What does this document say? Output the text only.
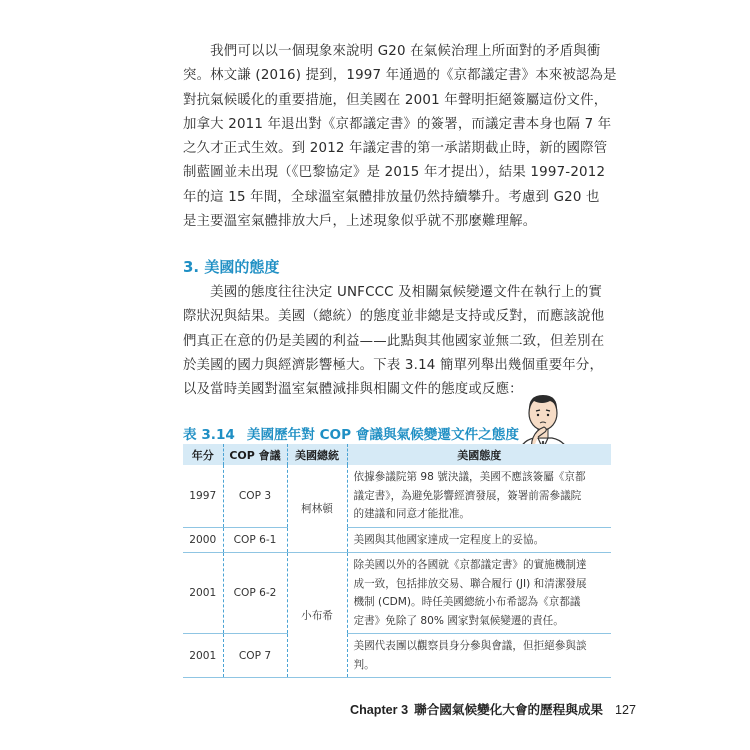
　　我們可以以一個現象來說明 G20 在氣候治理上所面對的矛盾與衝
突。林文謙 (2016) 提到，1997 年通過的《京都議定書》本來被認為是
對抗氣候暖化的重要措施，但美國在 2001 年聲明拒絕簽屬這份文件，
加拿大 2011 年退出對《京都議定書》的簽署，而議定書本身也隔 7 年
之久才正式生效。到 2012 年議定書的第一承諾期截止時，新的國際管
制藍圖並未出現（《巴黎協定》是 2015 年才提出），結果 1997-2012
年的這 15 年間，全球溫室氣體排放量仍然持續攀升。考慮到 G20 也
是主要溫室氣體排放大戶，上述現象似乎就不那麼難理解。
3. 美國的態度
　　美國的態度往往決定 UNFCCC 及相關氣候變遷文件在執行上的實
際狀況與結果。美國（總統）的態度並非總是支持或反對，而應該說他
們真正在意的仍是美國的利益——此點與其他國家並無二致，但差別在
於美國的國力與經濟影響極大。下表 3.14 簡單列舉出幾個重要年分，
以及當時美國對溫室氣體減排與相關文件的態度或反應：
表 3.14 美國歷年對 COP 會議與氣候變遷文件之態度
年分	COP 會議	美國總統	美國態度
1997	COP 3	柯林頓	依據參議院第 98 號決議，美國不應該簽屬《京都
議定書》，為避免影響經濟發展，簽署前需參議院
的建議和同意才能批准。
2000	COP 6-1		美國與其他國家達成一定程度上的妥協。
2001	COP 6-2	小布希	除美國以外的各國就《京都議定書》的實施機制達
成一致，包括排放交易、聯合履行 (JI) 和清潔發展
機制 (CDM)。時任美國總統小布希認為《京都議
定書》免除了 80% 國家對氣候變遷的責任。
2001	COP 7		美國代表團以觀察員身分參與會議，但拒絕參與談
判。
Chapter 3 聯合國氣候變化大會的歷程與成果 127
